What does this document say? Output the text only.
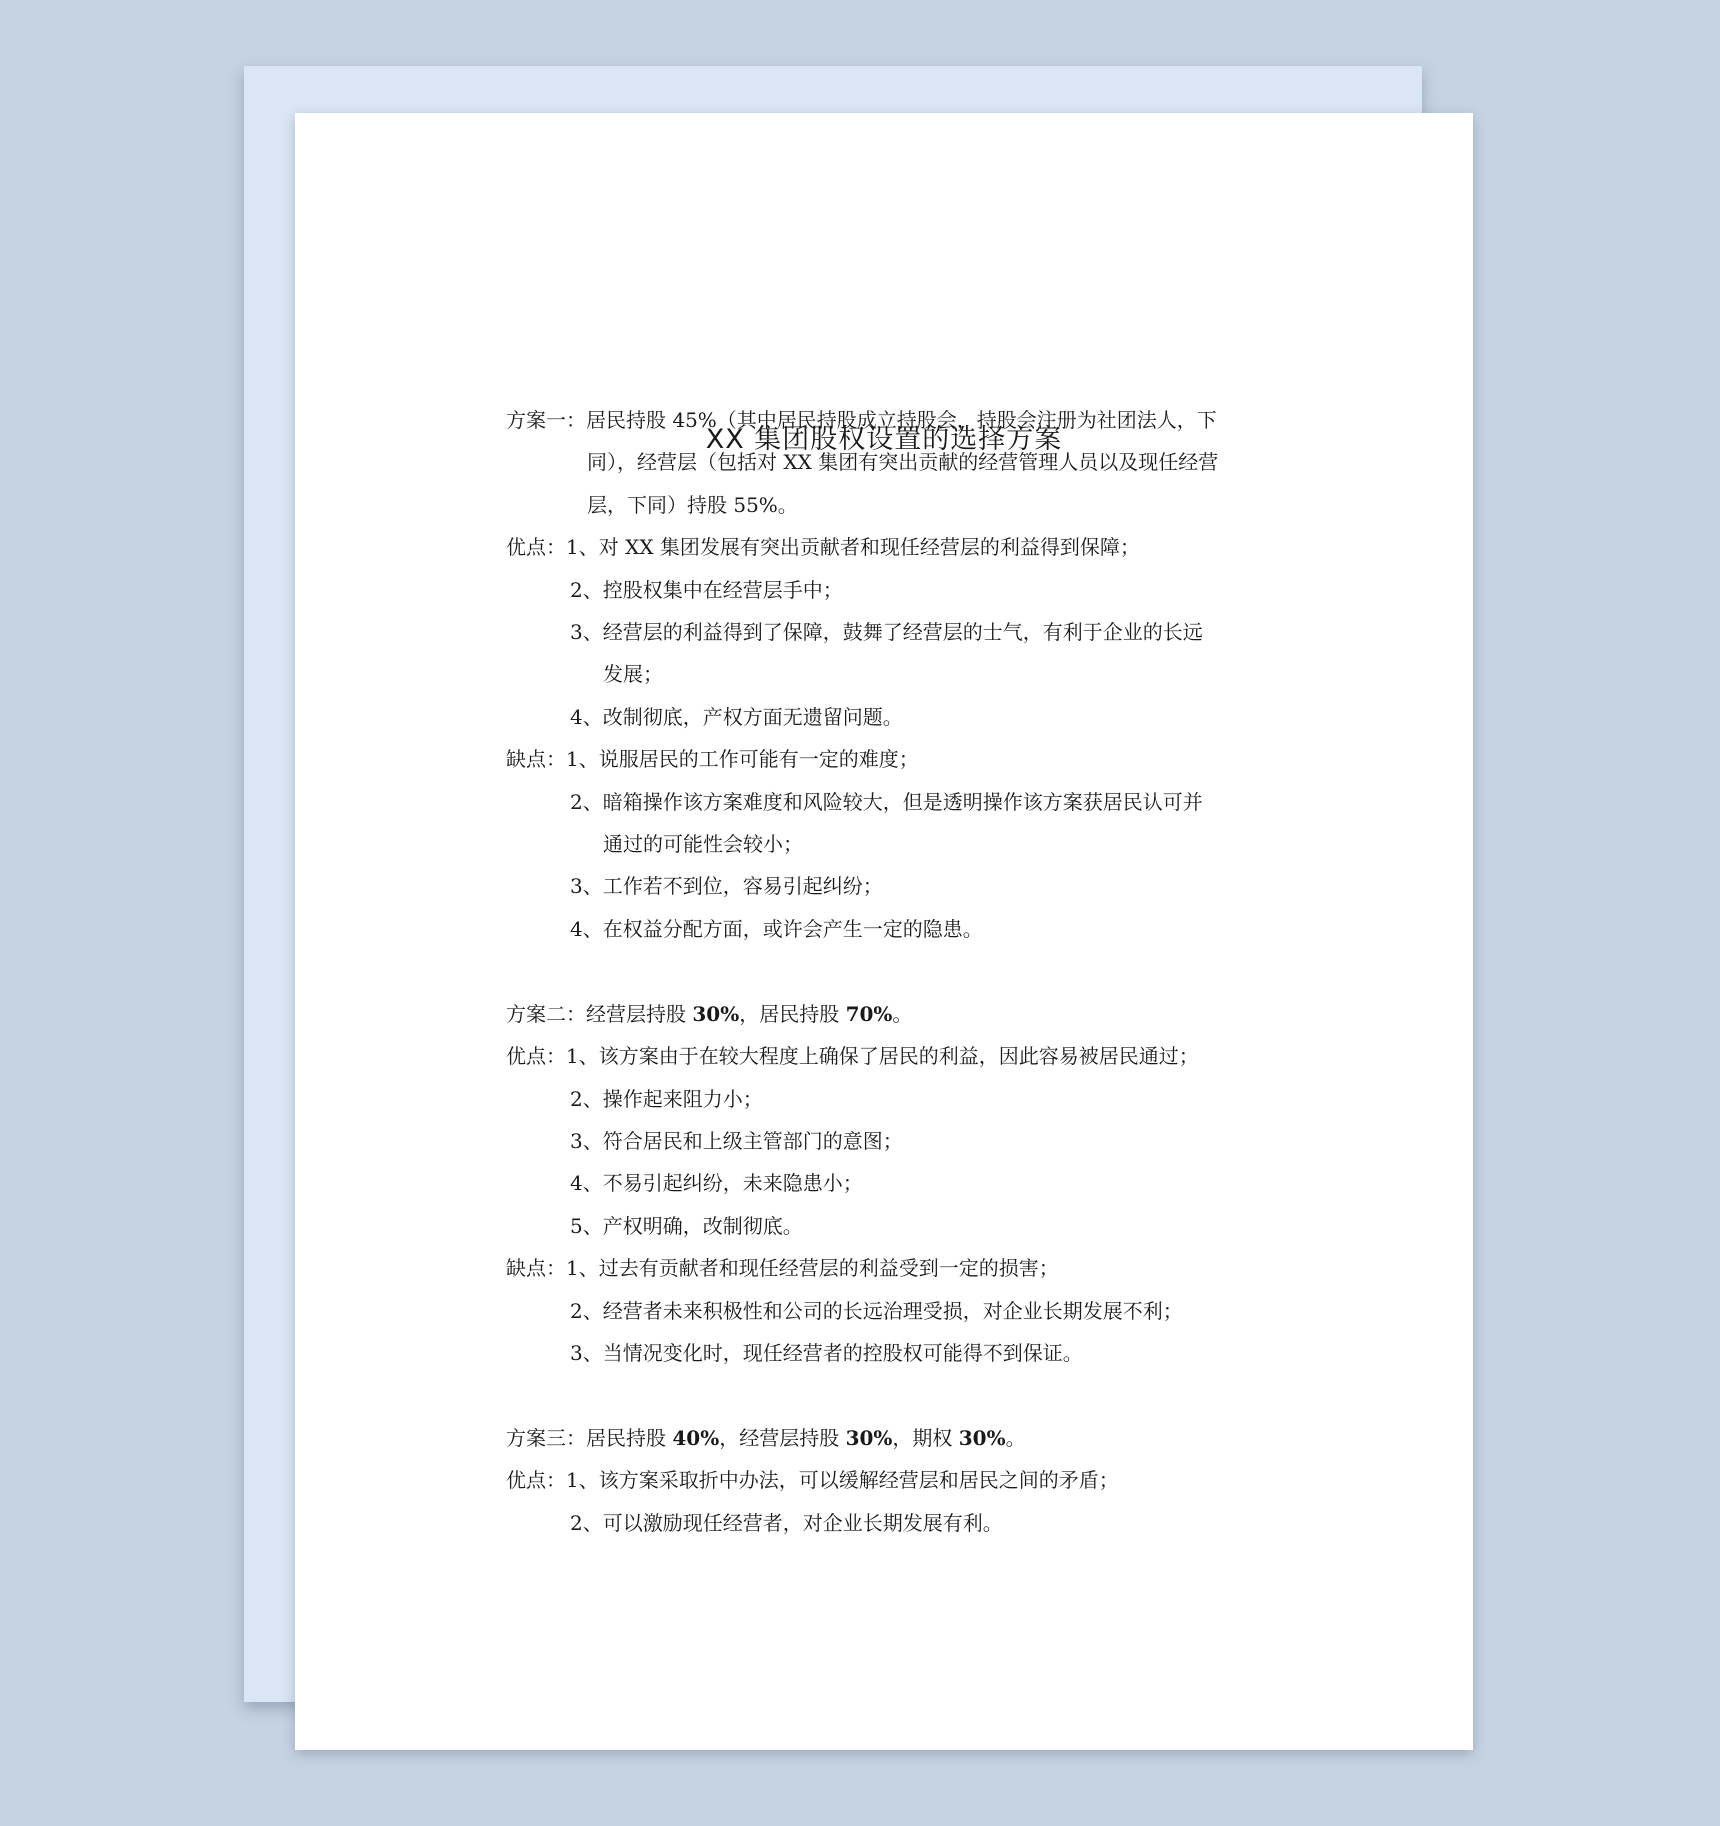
XX 集团股权设置的选择方案
方案一：居民持股 45%（其中居民持股成立持股会，持股会注册为社团法人，下
同），经营层（包括对 XX 集团有突出贡献的经营管理人员以及现任经营
层，下同）持股 55%。
优点：1、对 XX 集团发展有突出贡献者和现任经营层的利益得到保障；
2、控股权集中在经营层手中；
3、经营层的利益得到了保障，鼓舞了经营层的士气，有利于企业的长远
发展；
4、改制彻底，产权方面无遗留问题。
缺点：1、说服居民的工作可能有一定的难度；
2、暗箱操作该方案难度和风险较大，但是透明操作该方案获居民认可并
通过的可能性会较小；
3、工作若不到位，容易引起纠纷；
4、在权益分配方面，或许会产生一定的隐患。
方案二：经营层持股 30%，居民持股 70%。
优点：1、该方案由于在较大程度上确保了居民的利益，因此容易被居民通过；
2、操作起来阻力小；
3、符合居民和上级主管部门的意图；
4、不易引起纠纷，未来隐患小；
5、产权明确，改制彻底。
缺点：1、过去有贡献者和现任经营层的利益受到一定的损害；
2、经营者未来积极性和公司的长远治理受损，对企业长期发展不利；
3、当情况变化时，现任经营者的控股权可能得不到保证。
方案三：居民持股 40%，经营层持股 30%，期权 30%。
优点：1、该方案采取折中办法，可以缓解经营层和居民之间的矛盾；
2、可以激励现任经营者，对企业长期发展有利。
